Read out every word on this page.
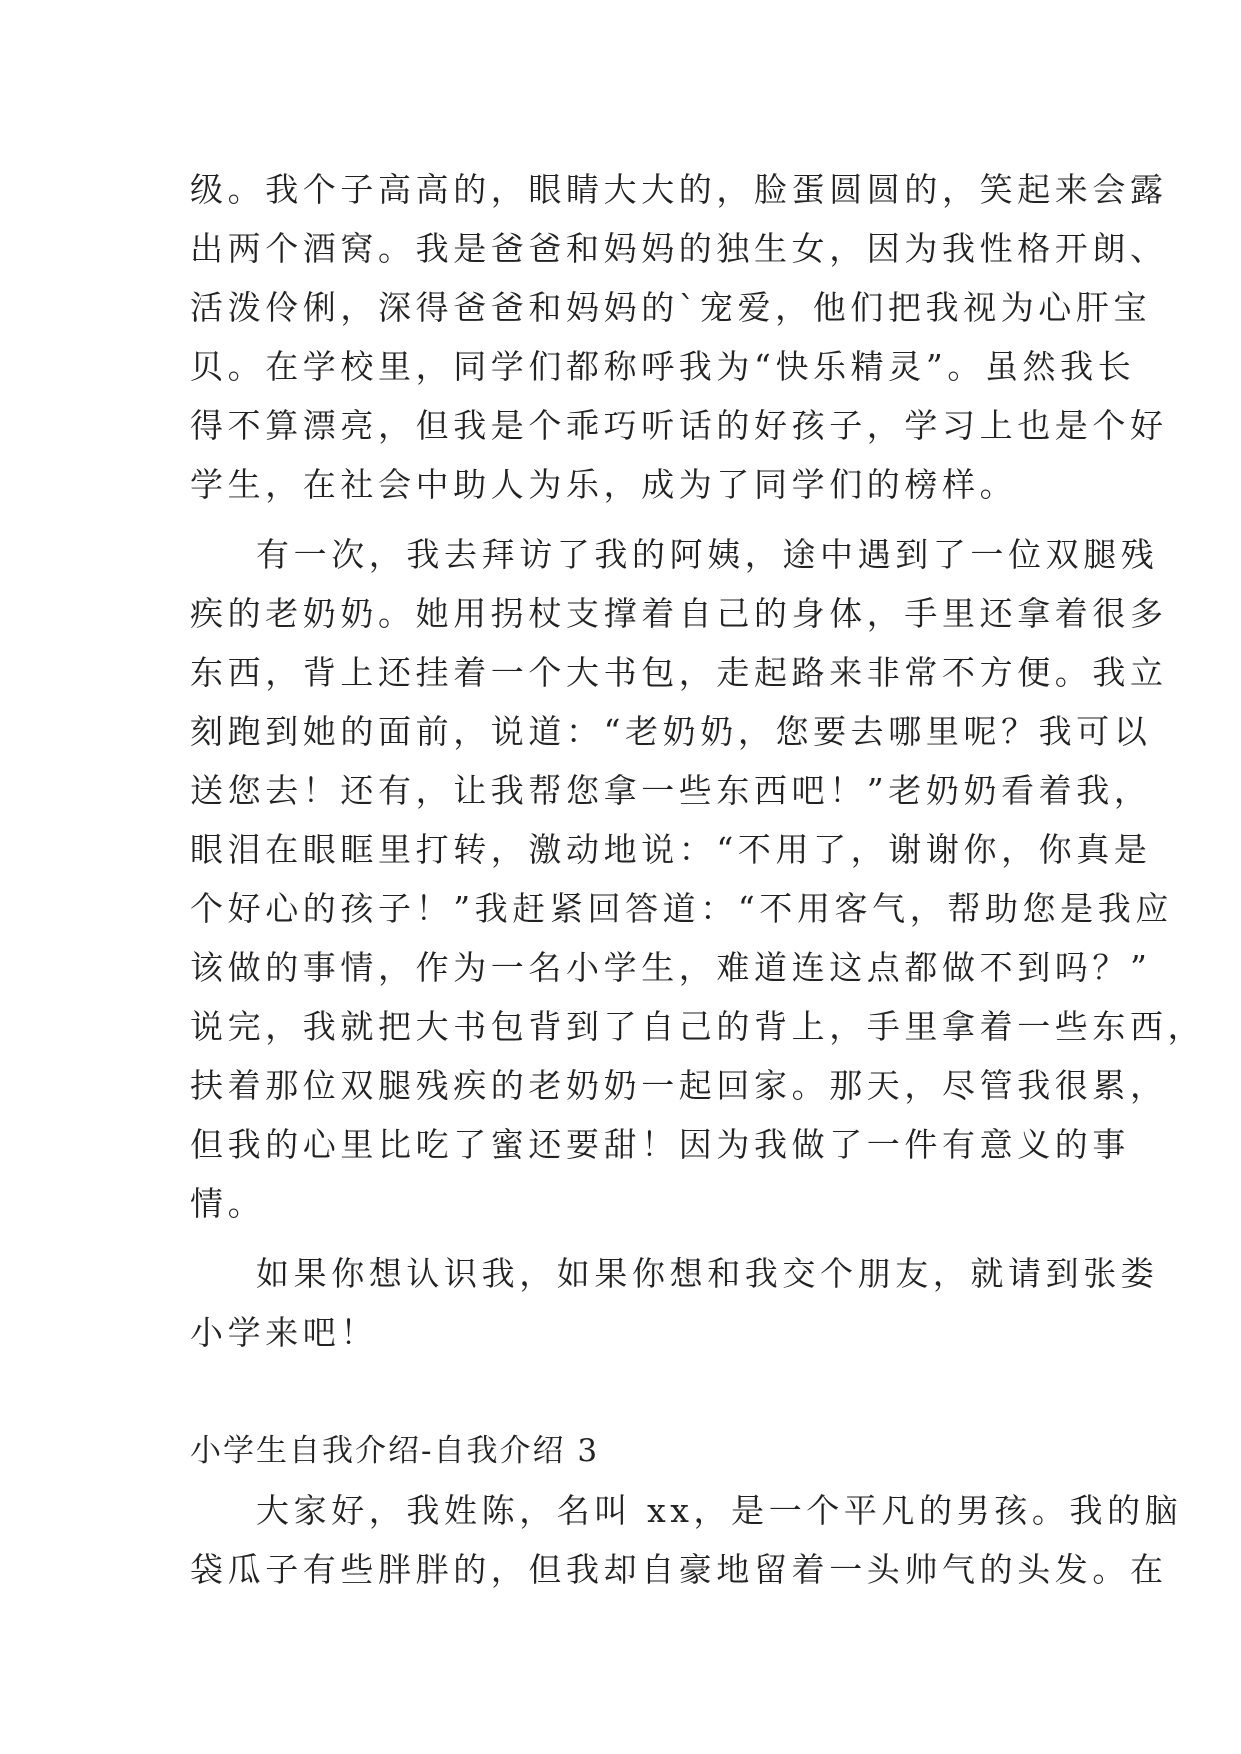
级。我个子高高的，眼睛大大的，脸蛋圆圆的，笑起来会露
出两个酒窝。我是爸爸和妈妈的独生女，因为我性格开朗、
活泼伶俐，深得爸爸和妈妈的`宠爱，他们把我视为心肝宝
贝。在学校里，同学们都称呼我为“快乐精灵”。虽然我长
得不算漂亮，但我是个乖巧听话的好孩子，学习上也是个好
学生，在社会中助人为乐，成为了同学们的榜样。
有一次，我去拜访了我的阿姨，途中遇到了一位双腿残
疾的老奶奶。她用拐杖支撑着自己的身体，手里还拿着很多
东西，背上还挂着一个大书包，走起路来非常不方便。我立
刻跑到她的面前，说道：“老奶奶，您要去哪里呢？我可以
送您去！还有，让我帮您拿一些东西吧！”老奶奶看着我，
眼泪在眼眶里打转，激动地说：“不用了，谢谢你，你真是
个好心的孩子！”我赶紧回答道：“不用客气，帮助您是我应
该做的事情，作为一名小学生，难道连这点都做不到吗？”
说完，我就把大书包背到了自己的背上，手里拿着一些东西，
扶着那位双腿残疾的老奶奶一起回家。那天，尽管我很累，
但我的心里比吃了蜜还要甜！因为我做了一件有意义的事
情。
如果你想认识我，如果你想和我交个朋友，就请到张娄
小学来吧！
小学生自我介绍-自我介绍 3
大家好，我姓陈，名叫 xx，是一个平凡的男孩。我的脑
袋瓜子有些胖胖的，但我却自豪地留着一头帅气的头发。在
